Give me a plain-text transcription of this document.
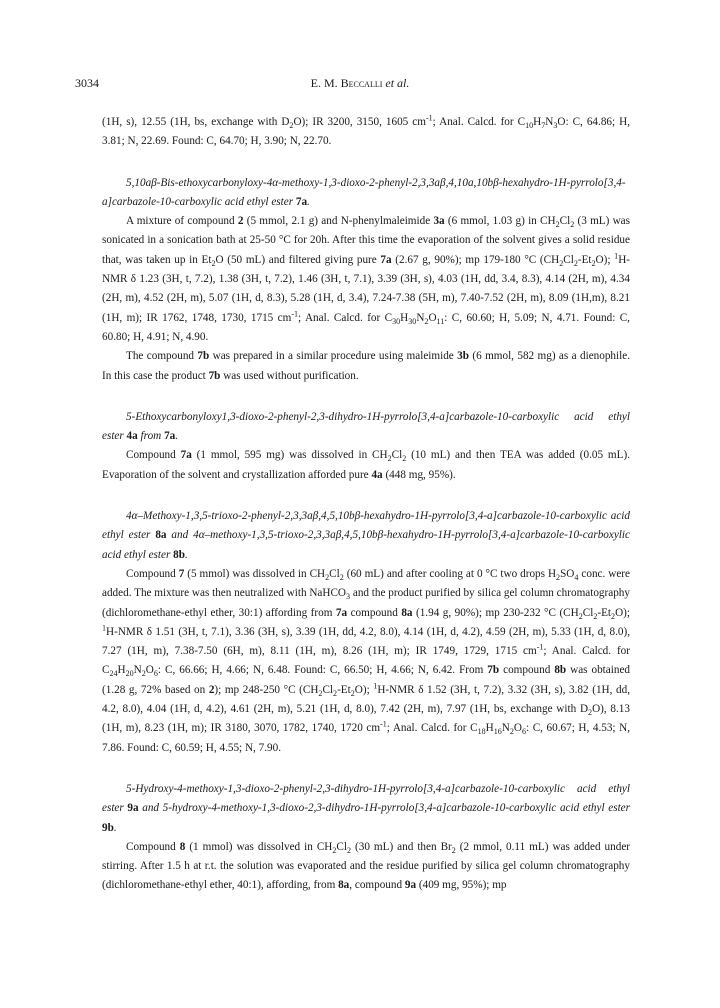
3034	E. M. Beccalli et al.

(1H, s), 12.55 (1H, bs, exchange with $D_2O$); IR 3200, 3150, 1605 $cm^{-1}$; Anal. Calcd. for $C_{10}H_7N_3O$: C, 64.86; H, 3.81; N, 22.69. Found: C, 64.70; H, 3.90; N, 22.70.

5,10aβ-Bis-ethoxycarbonyloxy-4α-methoxy-1,3-dioxo-2-phenyl-2,3,3aβ,4,10a,10bβ-hexahydro-1H-pyrrolo[3,4-a]carbazole-10-carboxylic acid ethyl ester 7a.

A mixture of compound 2 (5 mmol, 2.1 g) and N-phenylmaleimide 3a (6 mmol, 1.03 g) in $CH_2Cl_2$ (3 mL) was sonicated in a sonication bath at 25-50 °C for 20h. After this time the evaporation of the solvent gives a solid residue that, was taken up in $Et_2O$ (50 mL) and filtered giving pure 7a (2.67 g, 90%); mp 179-180 °C $(CH_2Cl_2-Et_2O)$; $^1$H-NMR δ 1.23 (3H, t, 7.2), 1.38 (3H, t, 7.2), 1.46 (3H, t, 7.1), 3.39 (3H, s), 4.03 (1H, dd, 3.4, 8.3), 4.14 (2H, m), 4.34 (2H, m), 4.52 (2H, m), 5.07 (1H, d, 8.3), 5.28 (1H, d, 3.4), 7.24-7.38 (5H, m), 7.40-7.52 (2H, m), 8.09 (1H,m), 8.21 (1H, m); IR 1762, 1748, 1730, 1715 $cm^{-1}$; Anal. Calcd. for $C_{30}H_{30}N_2O_{11}$: C, 60.60; H, 5.09; N, 4.71. Found: C, 60.80; H, 4.91; N, 4.90.

The compound 7b was prepared in a similar procedure using maleimide 3b (6 mmol, 582 mg) as a dienophile. In this case the product 7b was used without purification.

5-Ethoxycarbonyloxy1,3-dioxo-2-phenyl-2,3-dihydro-1H-pyrrolo[3,4-a]carbazole-10-carboxylic acid ethyl ester 4a from 7a.

Compound 7a (1 mmol, 595 mg) was dissolved in $CH_2Cl_2$ (10 mL) and then TEA was added (0.05 mL). Evaporation of the solvent and crystallization afforded pure 4a (448 mg, 95%).

4α–Methoxy-1,3,5-trioxo-2-phenyl-2,3,3aβ,4,5,10bβ-hexahydro-1H-pyrrolo[3,4-a]carbazole-10-carboxylic acid ethyl ester 8a and 4α–methoxy-1,3,5-trioxo-2,3,3aβ,4,5,10bβ-hexahydro-1H-pyrrolo[3,4-a]carbazole-10-carboxylic acid ethyl ester 8b.

Compound 7 (5 mmol) was dissolved in $CH_2Cl_2$ (60 mL) and after cooling at 0 °C two drops $H_2SO_4$ conc. were added. The mixture was then neutralized with NaHCO$_3$ and the product purified by silica gel column chromatography (dichloromethane-ethyl ether, 30:1) affording from 7a compound 8a (1.94 g, 90%); mp 230-232 °C $(CH_2Cl_2-Et_2O)$; $^1$H-NMR δ 1.51 (3H, t, 7.1), 3.36 (3H, s), 3.39 (1H, dd, 4.2, 8.0), 4.14 (1H, d, 4.2), 4.59 (2H, m), 5.33 (1H, d, 8.0), 7.27 (1H, m), 7.38-7.50 (6H, m), 8.11 (1H, m), 8.26 (1H, m); IR 1749, 1729, 1715 $cm^{-1}$; Anal. Calcd. for $C_{24}H_{20}N_2O_6$: C, 66.66; H, 4.66; N, 6.48. Found: C, 66.50; H, 4.66; N, 6.42. From 7b compound 8b was obtained (1.28 g, 72% based on 2); mp 248-250 °C $(CH_2Cl_2-Et_2O)$; $^1$H-NMR δ 1.52 (3H, t, 7.2), 3.32 (3H, s), 3.82 (1H, dd, 4.2, 8.0), 4.04 (1H, d, 4.2), 4.61 (2H, m), 5.21 (1H, d, 8.0), 7.42 (2H, m), 7.97 (1H, bs, exchange with $D_2O$), 8.13 (1H, m), 8.23 (1H, m); IR 3180, 3070, 1782, 1740, 1720 $cm^{-1}$; Anal. Calcd. for $C_{18}H_{16}N_2O_6$: C, 60.67; H, 4.53; N, 7.86. Found: C, 60.59; H, 4.55; N, 7.90.

5-Hydroxy-4-methoxy-1,3-dioxo-2-phenyl-2,3-dihydro-1H-pyrrolo[3,4-a]carbazole-10-carboxylic acid ethyl ester 9a and 5-hydroxy-4-methoxy-1,3-dioxo-2,3-dihydro-1H-pyrrolo[3,4-a]carbazole-10-carboxylic acid ethyl ester 9b.

Compound 8 (1 mmol) was dissolved in $CH_2Cl_2$ (30 mL) and then $Br_2$ (2 mmol, 0.11 mL) was added under stirring. After 1.5 h at r.t. the solution was evaporated and the residue purified by silica gel column chromatography (dichloromethane-ethyl ether, 40:1), affording, from 8a, compound 9a (409 mg, 95%); mp
